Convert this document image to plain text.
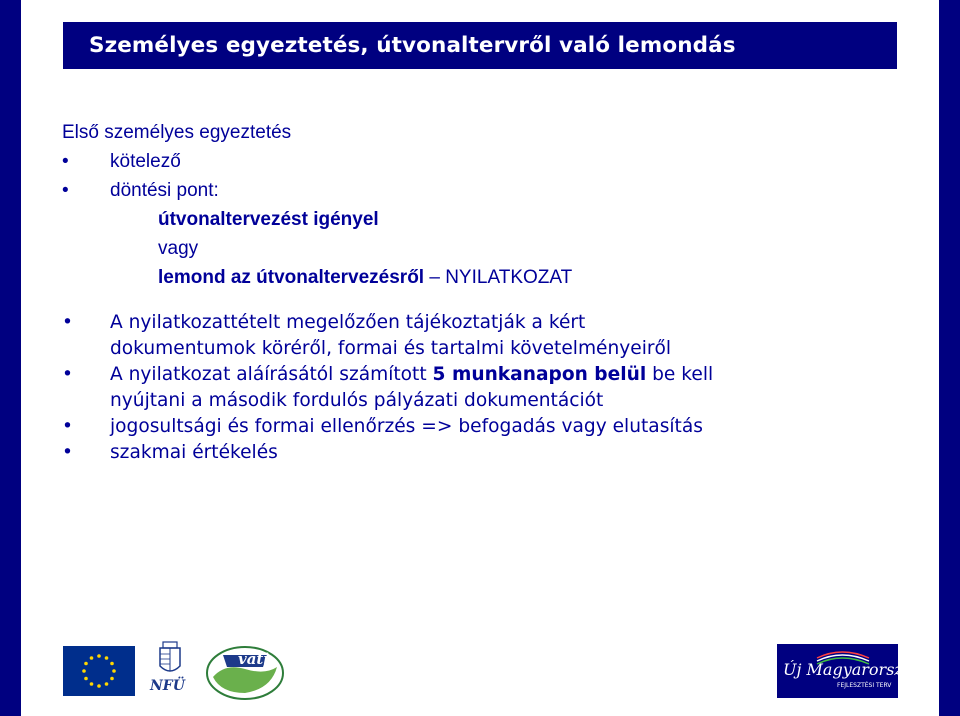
Személyes egyeztetés, útvonaltervről való lemondás
Első személyes egyeztetés
• kötelező
• döntési pont:
útvonaltervezést igényel
vagy
lemond az útvonaltervezésről – NYILATKOZAT
• A nyilatkozattételt megelőzően tájékoztatják a kért
dokumentumok köréről, formai és tartalmi követelményeiről
• A nyilatkozat aláírásától számított 5 munkanapon belül be kell
nyújtani a második fordulós pályázati dokumentációt
• jogosultsági és formai ellenőrzés => befogadás vagy elutasítás
• szakmai értékelés
NFÜ
váti
Új Magyarország
FEJLESZTÉSI TERV
